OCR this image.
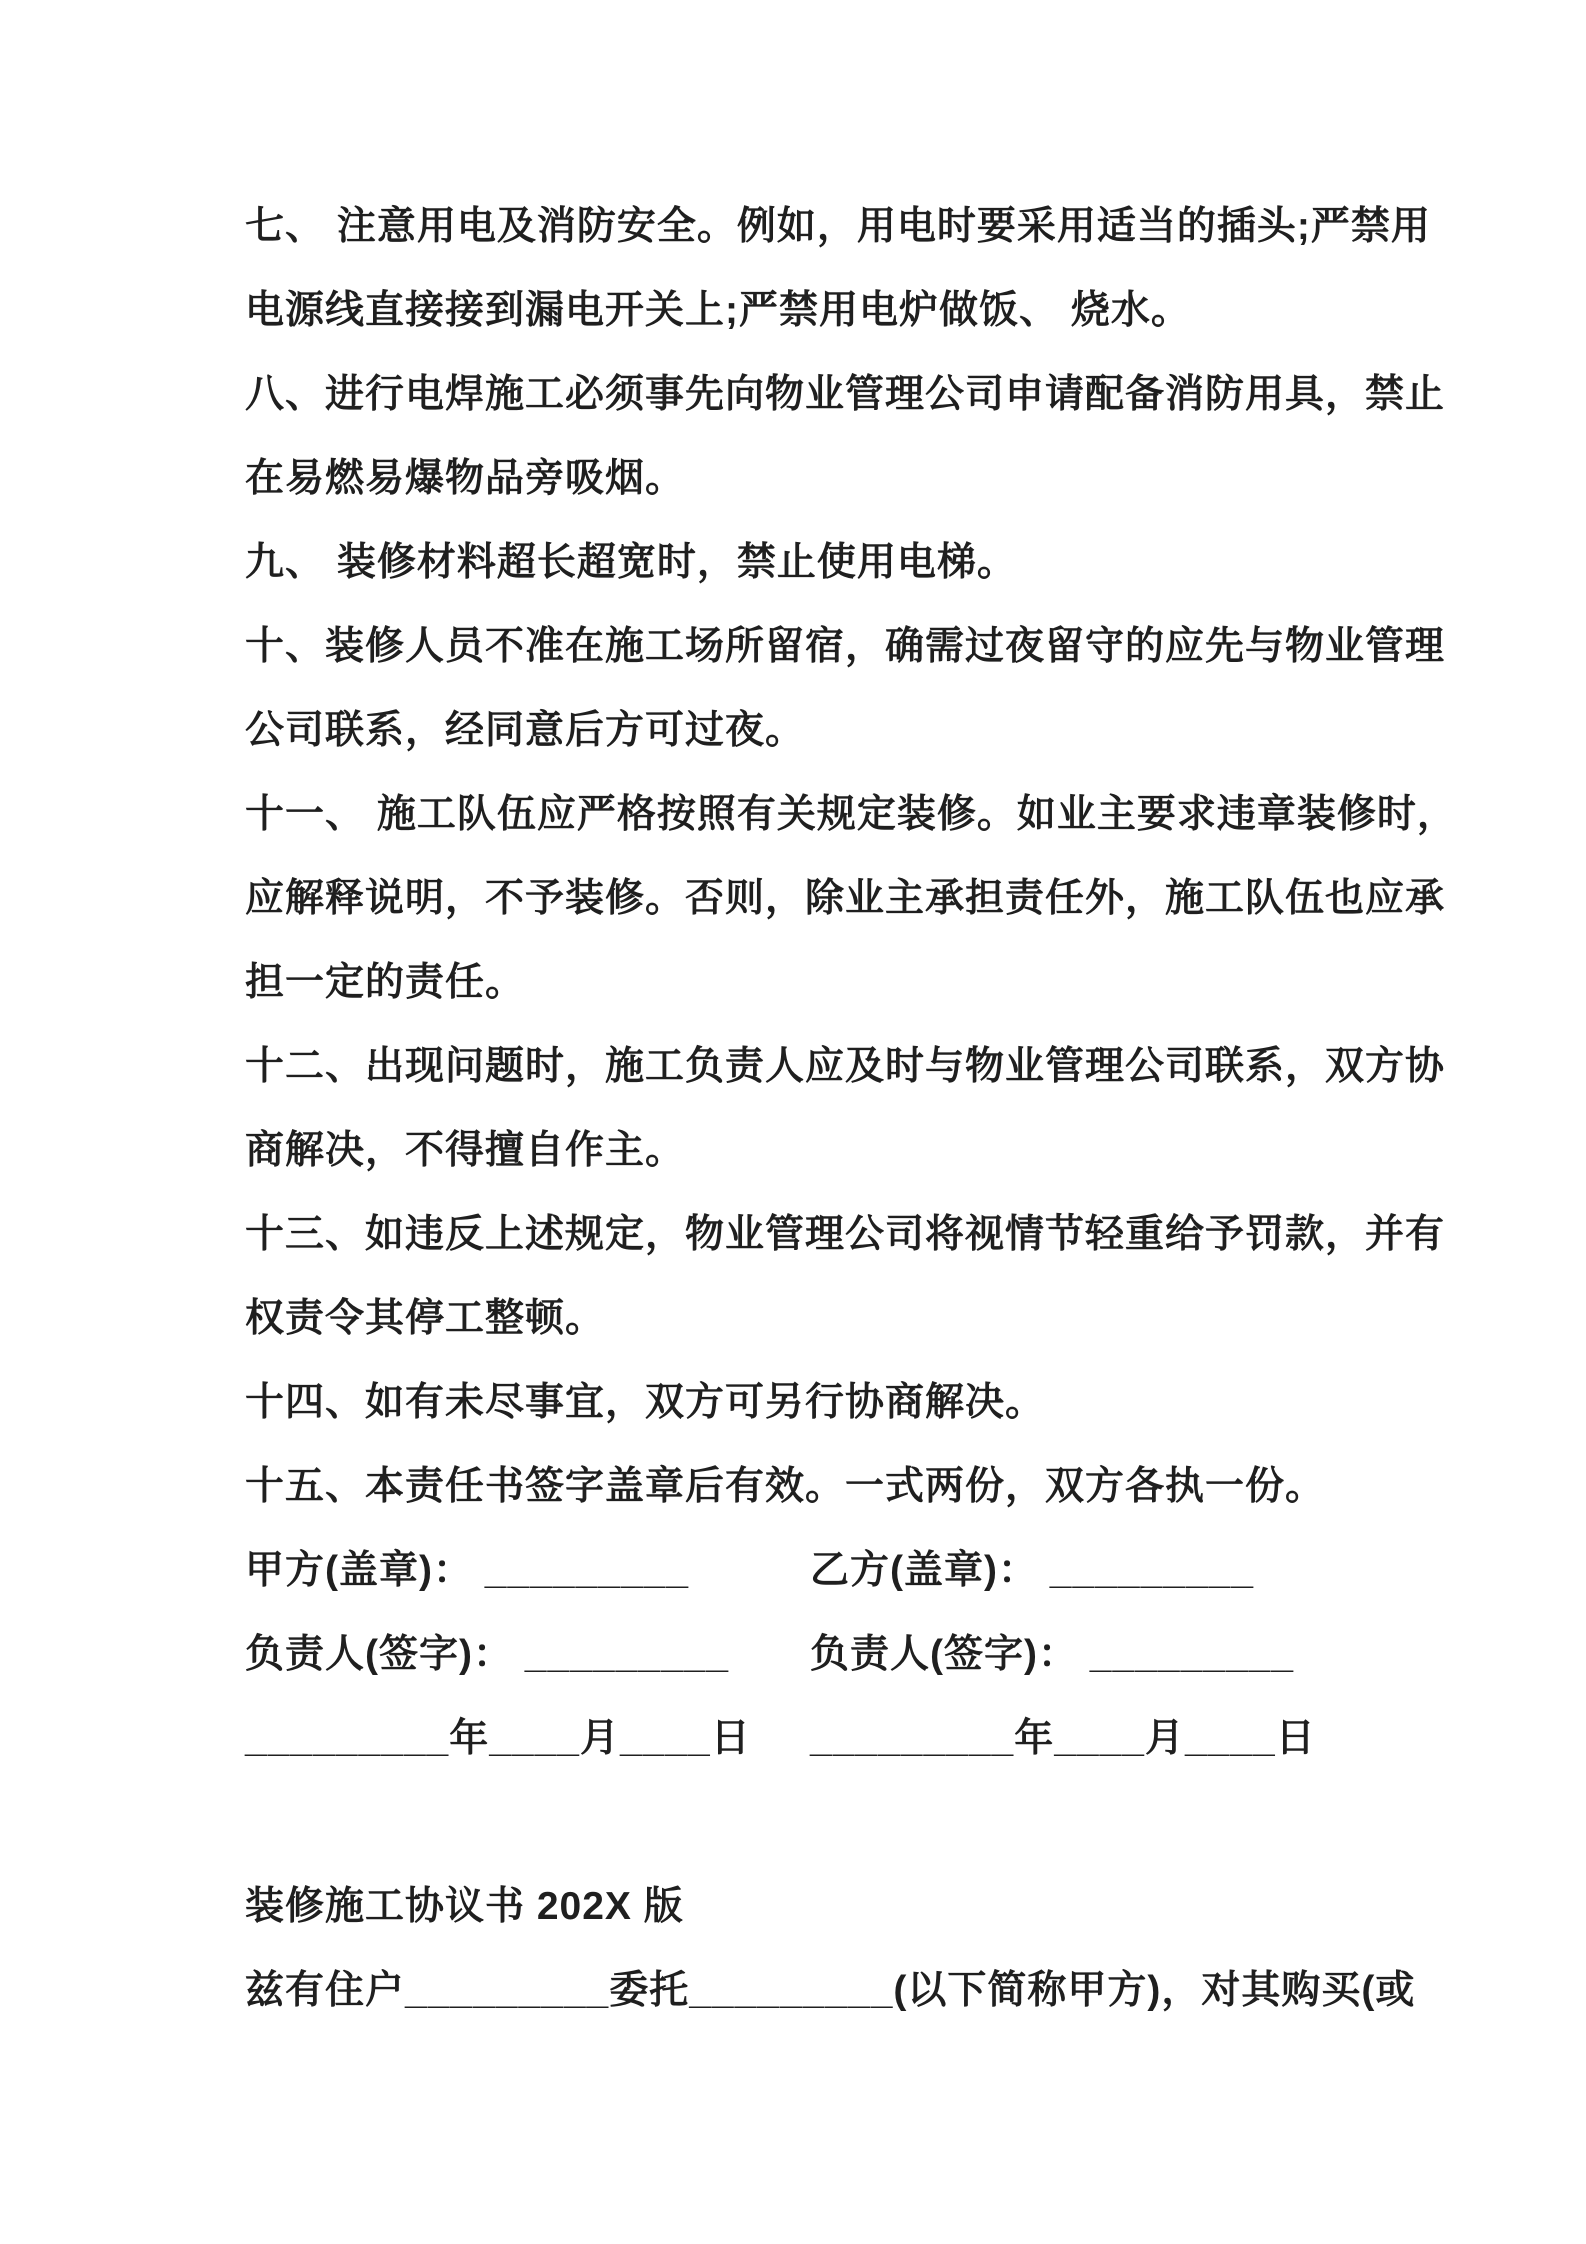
七、 注意用电及消防安全。例如，用电时要采用适当的插头;严禁用
电源线直接接到漏电开关上;严禁用电炉做饭、 烧水。
八、进行电焊施工必须事先向物业管理公司申请配备消防用具，禁止
在易燃易爆物品旁吸烟。
九、 装修材料超长超宽时，禁止使用电梯。
十、装修人员不准在施工场所留宿，确需过夜留守的应先与物业管理
公司联系，经同意后方可过夜。
十一、 施工队伍应严格按照有关规定装修。如业主要求违章装修时，
应解释说明，不予装修。否则，除业主承担责任外，施工队伍也应承
担一定的责任。
十二、出现问题时，施工负责人应及时与物业管理公司联系，双方协
商解决，不得擅自作主。
十三、如违反上述规定，物业管理公司将视情节轻重给予罚款，并有
权责令其停工整顿。
十四、如有未尽事宜，双方可另行协商解决。
十五、本责任书签字盖章后有效。一式两份，双方各执一份。
甲方(盖章)： _________	乙方(盖章)： _________
负责人(签字)： _________	负责人(签字)： _________
_________年____月____日	_________年____月____日
装修施工协议书 202X 版
兹有住户_________委托_________(以下简称甲方)，对其购买(或
